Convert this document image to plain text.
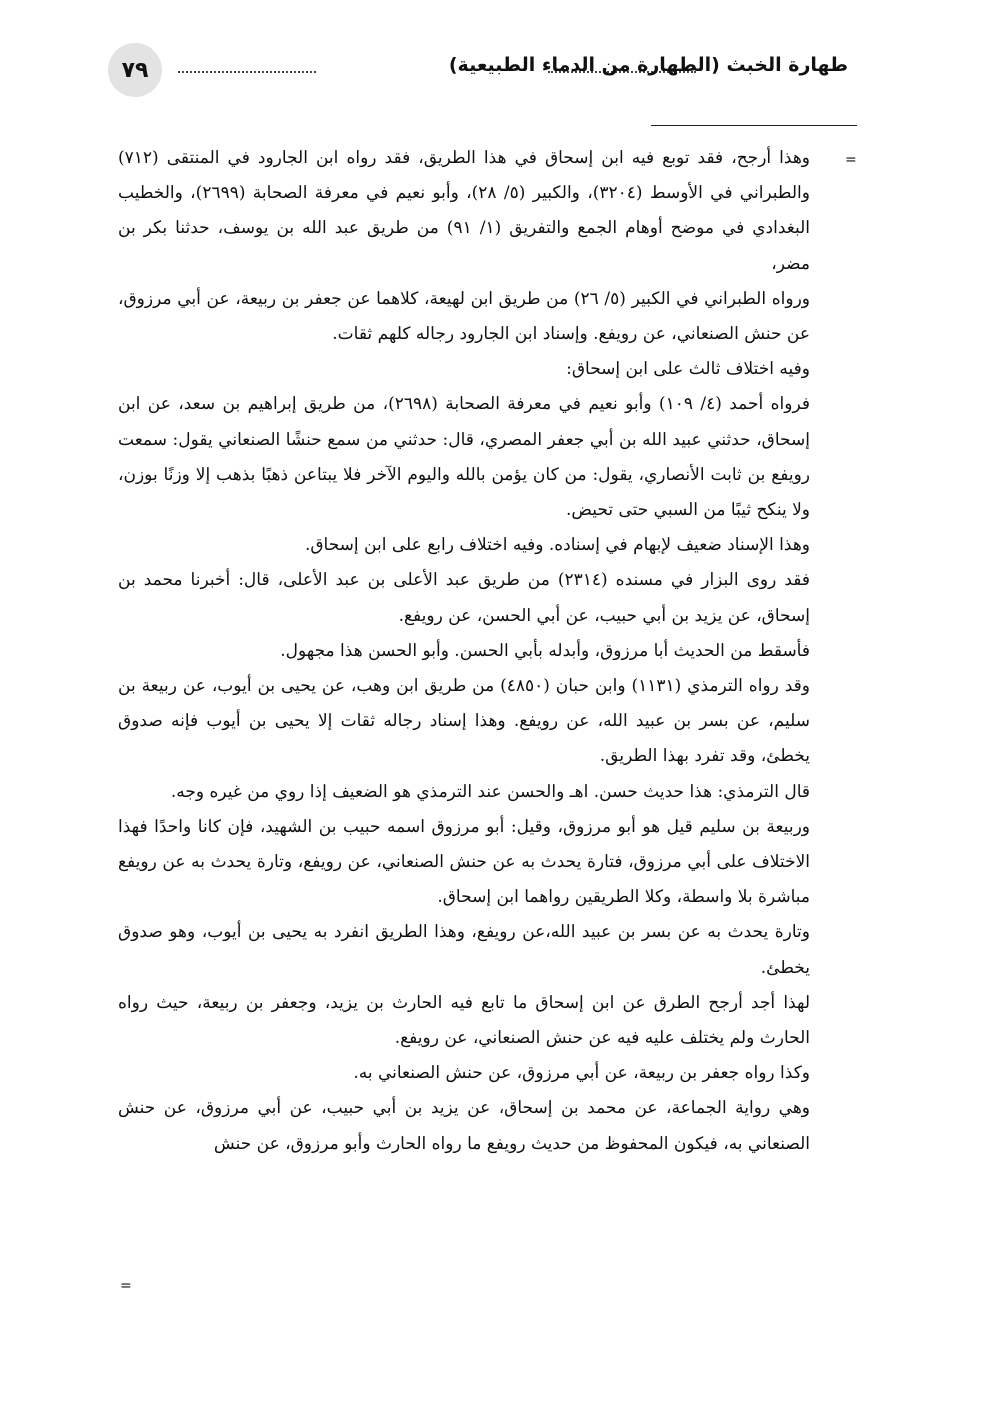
٧٩	طهارة الخبث (الطهارة من الدماء الطبيعية)
=

وهذا أرجح، فقد توبع فيه ابن إسحاق في هذا الطريق، فقد رواه ابن الجارود في المنتقى (٧١٢) والطبراني في الأوسط (٣٢٠٤)، والكبير (٥/ ٢٨)، وأبو نعيم في معرفة الصحابة (٢٦٩٩)، والخطيب البغدادي في موضح أوهام الجمع والتفريق (١/ ٩١) من طريق عبد الله بن يوسف، حدثنا بكر بن مضر،

ورواه الطبراني في الكبير (٥/ ٢٦) من طريق ابن لهيعة، كلاهما عن جعفر بن ربيعة، عن أبي مرزوق، عن حنش الصنعاني، عن رويفع. وإسناد ابن الجارود رجاله كلهم ثقات.

وفيه اختلاف ثالث على ابن إسحاق:

فرواه أحمد (٤/ ١٠٩) وأبو نعيم في معرفة الصحابة (٢٦٩٨)، من طريق إبراهيم بن سعد، عن ابن إسحاق، حدثني عبيد الله بن أبي جعفر المصري، قال: حدثني من سمع حنشًا الصنعاني يقول: سمعت رويفع بن ثابت الأنصاري، يقول: من كان يؤمن بالله واليوم الآخر فلا يبتاعن ذهبًا بذهب إلا وزنًا بوزن، ولا ينكح ثيبًا من السبي حتى تحيض.

وهذا الإسناد ضعيف لإبهام في إسناده. وفيه اختلاف رابع على ابن إسحاق.

فقد روى البزار في مسنده (٢٣١٤) من طريق عبد الأعلى بن عبد الأعلى، قال: أخبرنا محمد بن إسحاق، عن يزيد بن أبي حبيب، عن أبي الحسن، عن رويفع.

فأسقط من الحديث أبا مرزوق، وأبدله بأبي الحسن. وأبو الحسن هذا مجهول.

وقد رواه الترمذي (١١٣١) وابن حبان (٤٨٥٠) من طريق ابن وهب، عن يحيى بن أيوب، عن ربيعة بن سليم، عن بسر بن عبيد الله، عن رويفع. وهذا إسناد رجاله ثقات إلا يحيى بن أيوب فإنه صدوق يخطئ، وقد تفرد بهذا الطريق.

قال الترمذي: هذا حديث حسن. اهـ والحسن عند الترمذي هو الضعيف إذا روي من غيره وجه.

وربيعة بن سليم قيل هو أبو مرزوق، وقيل: أبو مرزوق اسمه حبيب بن الشهيد، فإن كانا واحدًا فهذا الاختلاف على أبي مرزوق، فتارة يحدث به عن حنش الصنعاني، عن رويفع، وتارة يحدث به عن رويفع مباشرة بلا واسطة، وكلا الطريقين رواهما ابن إسحاق.

وتارة يحدث به عن بسر بن عبيد الله،عن رويفع، وهذا الطريق انفرد به يحيى بن أيوب، وهو صدوق يخطئ.

لهذا أجد أرجح الطرق عن ابن إسحاق ما تابع فيه الحارث بن يزيد، وجعفر بن ربيعة، حيث رواه الحارث ولم يختلف عليه فيه عن حنش الصنعاني، عن رويفع.

وكذا رواه جعفر بن ربيعة، عن أبي مرزوق، عن حنش الصنعاني به.

وهي رواية الجماعة، عن محمد بن إسحاق، عن يزيد بن أبي حبيب، عن أبي مرزوق، عن حنش الصنعاني به، فيكون المحفوظ من حديث رويفع ما رواه الحارث وأبو مرزوق، عن حنش

=
